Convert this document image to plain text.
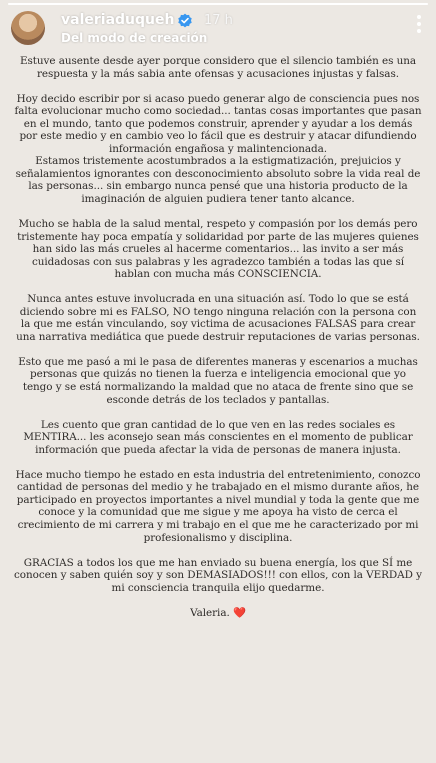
valeriaduqueh 17 h
Del modo de creación

Estuve ausente desde ayer porque considero que el silencio también es una respuesta y la más sabia ante ofensas y acusaciones injustas y falsas.

Hoy decido escribir por si acaso puedo generar algo de consciencia pues nos falta evolucionar mucho como sociedad... tantas cosas importantes que pasan en el mundo, tanto que podemos construir, aprender y ayudar a los demás por este medio y en cambio veo lo fácil que es destruir y atacar difundiendo información engañosa y malintencionada.

Estamos tristemente acostumbrados a la estigmatización, prejuicios y señalamientos ignorantes con desconocimiento absoluto sobre la vida real de las personas... sin embargo nunca pensé que una historia producto de la imaginación de alguien pudiera tener tanto alcance.

Mucho se habla de la salud mental, respeto y compasión por los demás pero tristemente hay poca empatía y solidaridad por parte de las mujeres quienes han sido las más crueles al hacerme comentarios... las invito a ser más cuidadosas con sus palabras y les agradezco también a todas las que sí hablan con mucha más CONSCIENCIA.

Nunca antes estuve involucrada en una situación así. Todo lo que se está diciendo sobre mi es FALSO, NO tengo ninguna relación con la persona con la que me están vinculando, soy victima de acusaciones FALSAS para crear una narrativa mediática que puede destruir reputaciones de varias personas.

Esto que me pasó a mi le pasa de diferentes maneras y escenarios a muchas personas que quizás no tienen la fuerza e inteligencia emocional que yo tengo y se está normalizando la maldad que no ataca de frente sino que se esconde detrás de los teclados y pantallas.

Les cuento que gran cantidad de lo que ven en las redes sociales es MENTIRA... les aconsejo sean más conscientes en el momento de publicar información que pueda afectar la vida de personas de manera injusta.

Hace mucho tiempo he estado en esta industria del entretenimiento, conozco cantidad de personas del medio y he trabajado en el mismo durante años, he participado en proyectos importantes a nivel mundial y toda la gente que me conoce y la comunidad que me sigue y me apoya ha visto de cerca el crecimiento de mi carrera y mi trabajo en el que me he caracterizado por mi profesionalismo y disciplina.

GRACIAS a todos los que me han enviado su buena energía, los que SÍ me conocen y saben quién soy y son DEMASIADOS!!! con ellos, con la VERDAD y mi consciencia tranquila elijo quedarme.

Valeria. ❤️
